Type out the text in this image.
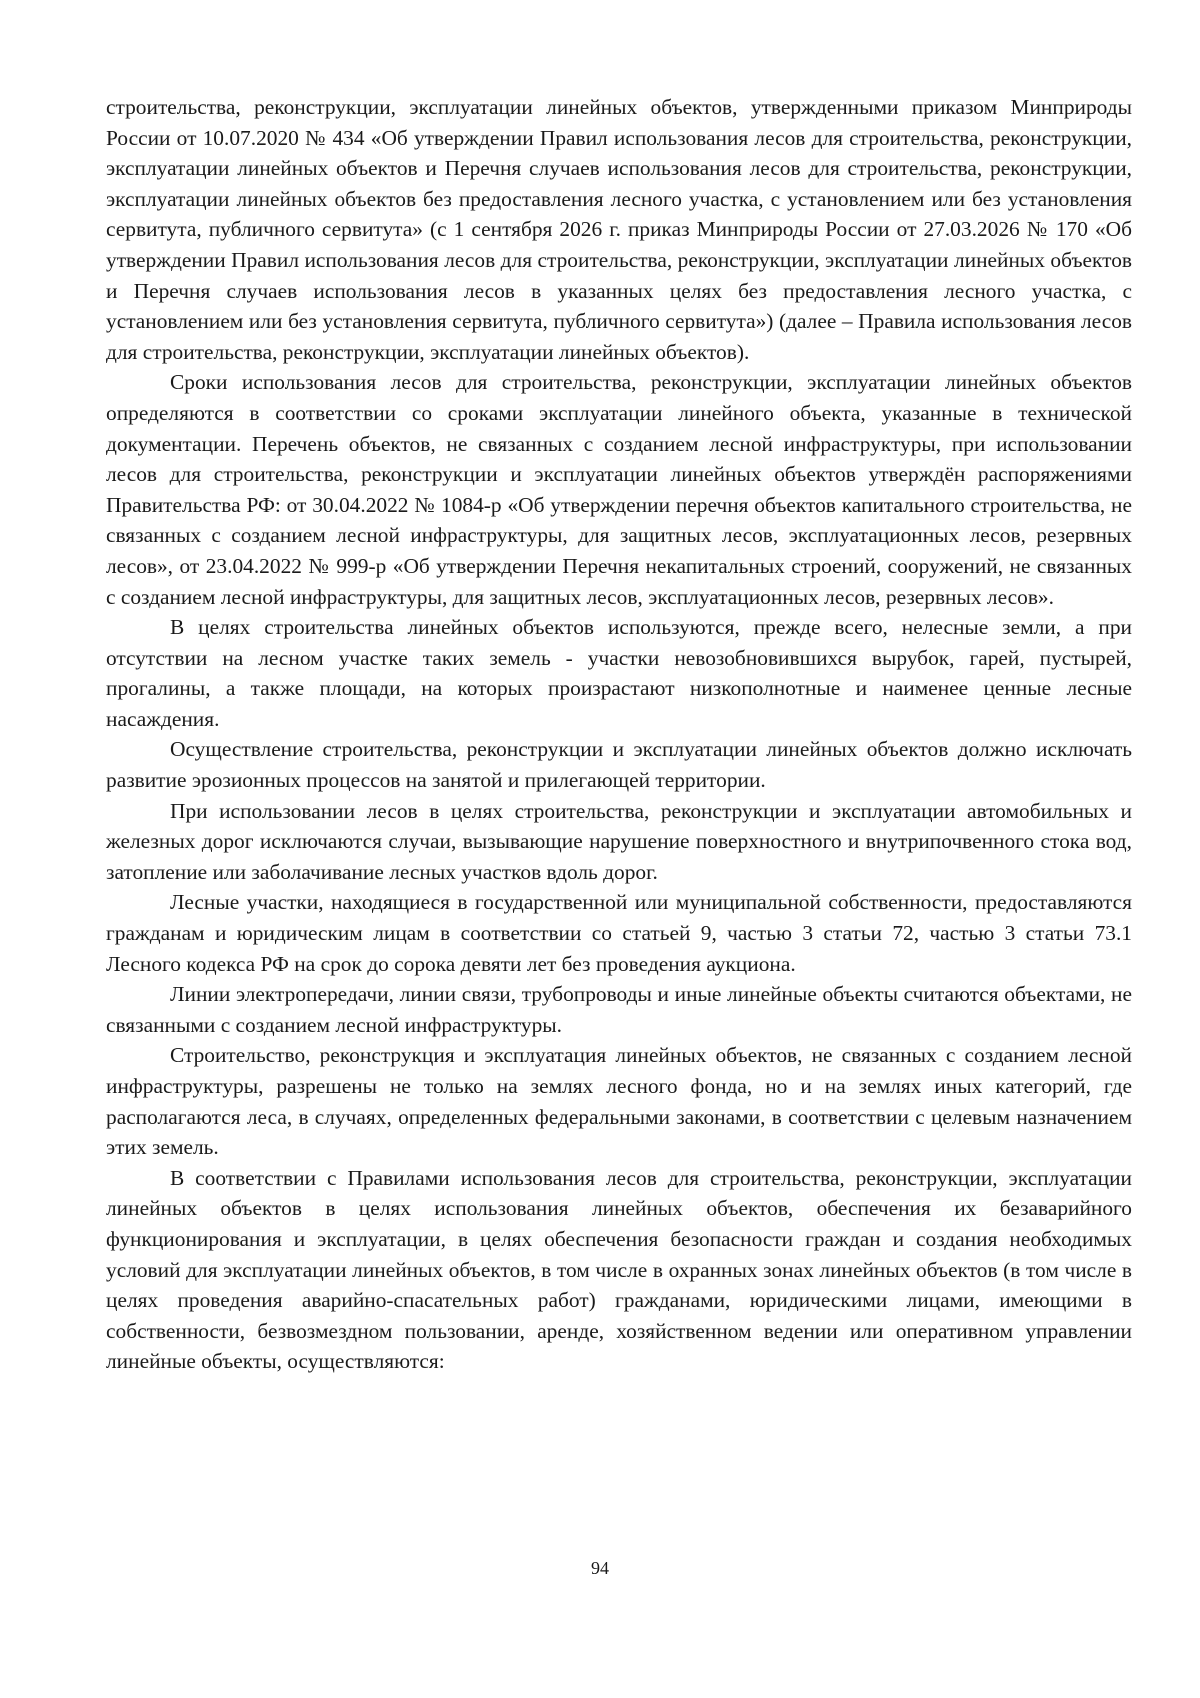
строительства, реконструкции, эксплуатации линейных объектов, утвержденными приказом Минприроды России от 10.07.2020 № 434 «Об утверждении Правил использования лесов для строительства, реконструкции, эксплуатации линейных объектов и Перечня случаев использования лесов для строительства, реконструкции, эксплуатации линейных объектов без предоставления лесного участка, с установлением или без установления сервитута, публичного сервитута» (с 1 сентября 2026 г. приказ Минприроды России от 27.03.2026 № 170 «Об утверждении Правил использования лесов для строительства, реконструкции, эксплуатации линейных объектов и Перечня случаев использования лесов в указанных целях без предоставления лесного участка, с установлением или без установления сервитута, публичного сервитута») (далее – Правила использования лесов для строительства, реконструкции, эксплуатации линейных объектов).

Сроки использования лесов для строительства, реконструкции, эксплуатации линейных объектов определяются в соответствии со сроками эксплуатации линейного объекта, указанные в технической документации. Перечень объектов, не связанных с созданием лесной инфраструктуры, при использовании лесов для строительства, реконструкции и эксплуатации линейных объектов утверждён распоряжениями Правительства РФ: от 30.04.2022 № 1084-р «Об утверждении перечня объектов капитального строительства, не связанных с созданием лесной инфраструктуры, для защитных лесов, эксплуатационных лесов, резервных лесов», от 23.04.2022 № 999-р «Об утверждении Перечня некапитальных строений, сооружений, не связанных с созданием лесной инфраструктуры, для защитных лесов, эксплуатационных лесов, резервных лесов».

В целях строительства линейных объектов используются, прежде всего, нелесные земли, а при отсутствии на лесном участке таких земель - участки невозобновившихся вырубок, гарей, пустырей, прогалины, а также площади, на которых произрастают низкополнотные и наименее ценные лесные насаждения.

Осуществление строительства, реконструкции и эксплуатации линейных объектов должно исключать развитие эрозионных процессов на занятой и прилегающей территории.

При использовании лесов в целях строительства, реконструкции и эксплуатации автомобильных и железных дорог исключаются случаи, вызывающие нарушение поверхностного и внутрипочвенного стока вод, затопление или заболачивание лесных участков вдоль дорог.

Лесные участки, находящиеся в государственной или муниципальной собственности, предоставляются гражданам и юридическим лицам в соответствии со статьей 9, частью 3 статьи 72, частью 3 статьи 73.1 Лесного кодекса РФ на срок до сорока девяти лет без проведения аукциона.

Линии электропередачи, линии связи, трубопроводы и иные линейные объекты считаются объектами, не связанными с созданием лесной инфраструктуры.

Строительство, реконструкция и эксплуатация линейных объектов, не связанных с созданием лесной инфраструктуры, разрешены не только на землях лесного фонда, но и на землях иных категорий, где располагаются леса, в случаях, определенных федеральными законами, в соответствии с целевым назначением этих земель.

В соответствии с Правилами использования лесов для строительства, реконструкции, эксплуатации линейных объектов в целях использования линейных объектов, обеспечения их безаварийного функционирования и эксплуатации, в целях обеспечения безопасности граждан и создания необходимых условий для эксплуатации линейных объектов, в том числе в охранных зонах линейных объектов (в том числе в целях проведения аварийно-спасательных работ) гражданами, юридическими лицами, имеющими в собственности, безвозмездном пользовании, аренде, хозяйственном ведении или оперативном управлении линейные объекты, осуществляются:

94
